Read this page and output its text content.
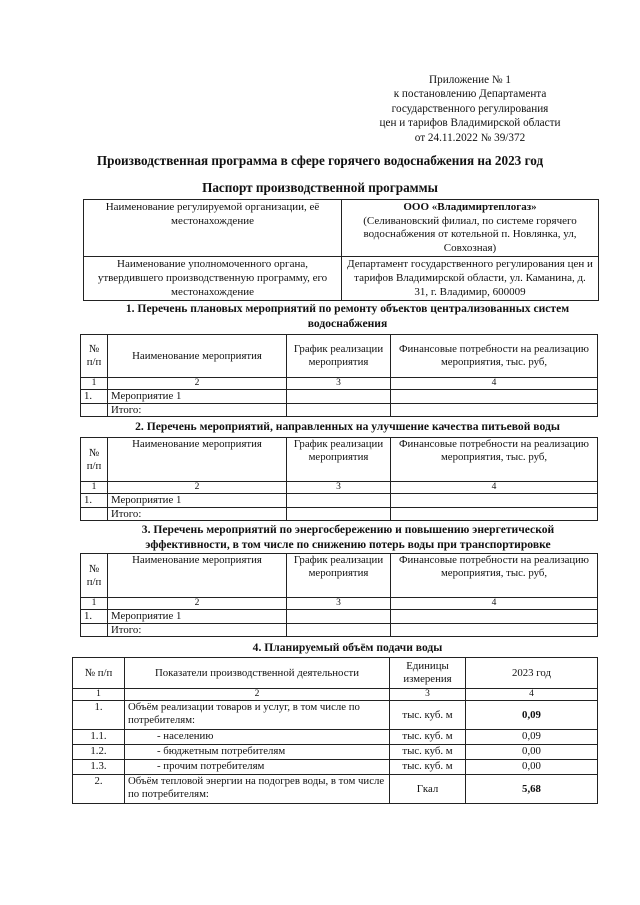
Приложение № 1
к постановлению Департамента
государственного регулирования
цен и тарифов Владимирской области
от 24.11.2022 № 39/372
Производственная программа в сфере горячего водоснабжения на 2023 год
Паспорт производственной программы
Наименование регулируемой организации, её местонахождение	ООО «Владимиртеплогаз»
(Селивановский филиал, по системе горячего водоснабжения от котельной п. Новлянка, ул, Совхозная)

Наименование уполномоченного органа, утвердившего производственную программу, его местонахождение	Департамент государственного регулирования цен и тарифов Владимирской области, ул. Каманина, д. 31, г. Владимир, 600009
1. Перечень плановых мероприятий по ремонту объектов централизованных систем водоснабжения
№ п/п	Наименование мероприятия	График реализации мероприятия	Финансовые потребности на реализацию мероприятия, тыс. руб,
1	2	3	4
1.	Мероприятие 1		
	Итого:		
2. Перечень мероприятий, направленных на улучшение качества питьевой воды
№ п/п	Наименование мероприятия	График реализации мероприятия	Финансовые потребности на реализацию мероприятия, тыс. руб,
1	2	3	4
1.	Мероприятие 1		
	Итого:		
3. Перечень мероприятий по энергосбережению и повышению энергетической эффективности, в том числе по снижению потерь воды при транспортировке
№ п/п	Наименование мероприятия	График реализации мероприятия	Финансовые потребности на реализацию мероприятия, тыс. руб,
1	2	3	4
1.	Мероприятие 1		
	Итого:		
4. Планируемый объём подачи воды
№ п/п	Показатели производственной деятельности	Единицы измерения	2023 год
1	2	3	4
1.	Объём реализации товаров и услуг, в том числе по потребителям:	тыс. куб. м	0,09
1.1.	- населению	тыс. куб. м	0,09
1.2.	- бюджетным потребителям	тыс. куб. м	0,00
1.3.	- прочим потребителям	тыс. куб. м	0,00
2.	Объём тепловой энергии на подогрев воды, в том числе по потребителям:	Гкал	5,68
